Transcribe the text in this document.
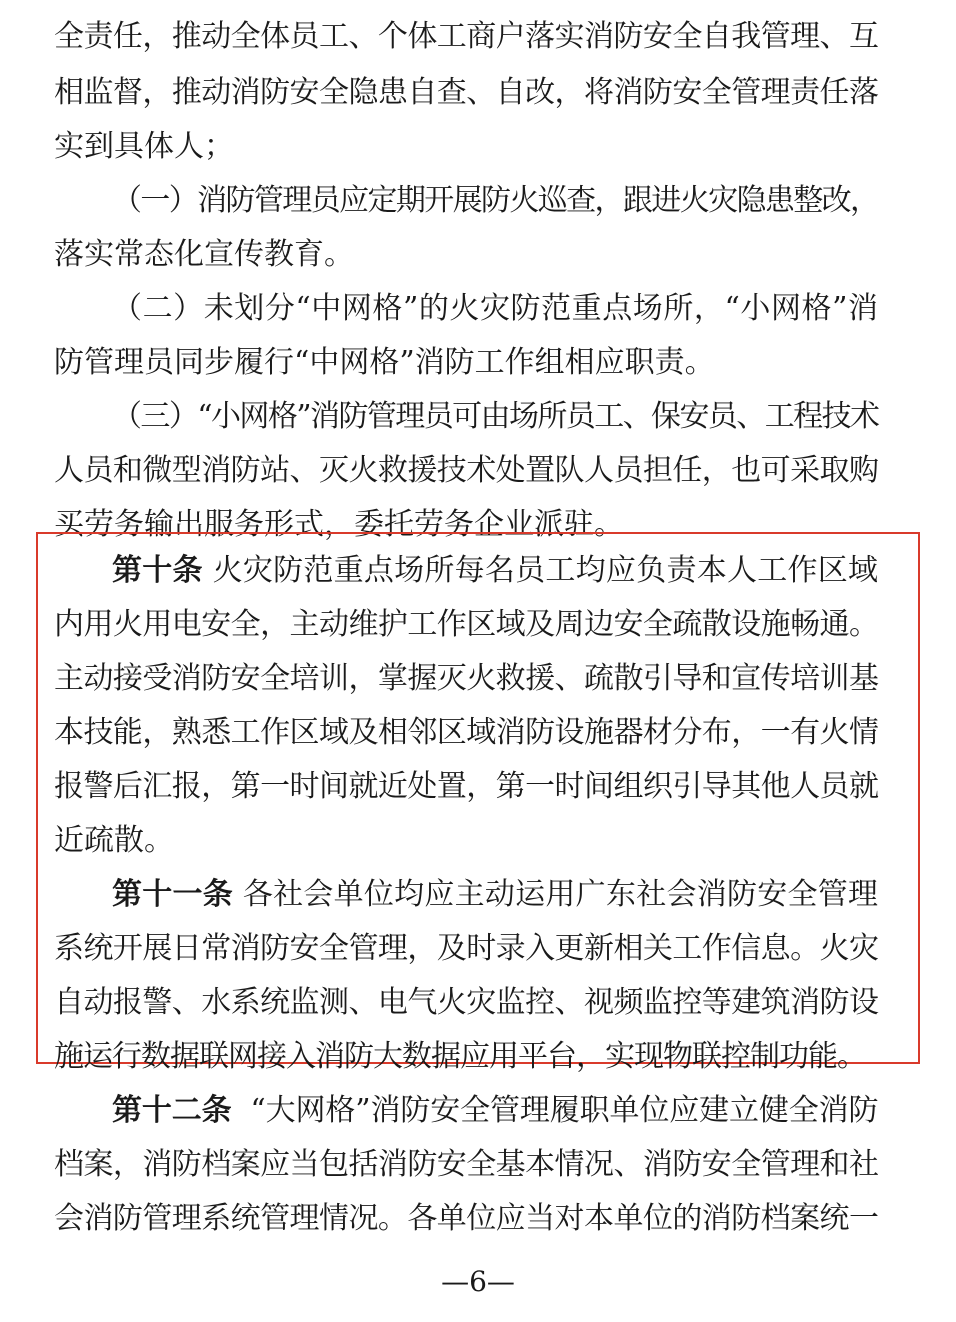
全责任，推动全体员工、个体工商户落实消防安全自我管理、互
相监督，推动消防安全隐患自查、自改，将消防安全管理责任落
实到具体人；
（一）消防管理员应定期开展防火巡查，跟进火灾隐患整改，
落实常态化宣传教育。
（二）未划分“中网格”的火灾防范重点场所，“小网格”消
防管理员同步履行“中网格”消防工作组相应职责。
（三）“小网格”消防管理员可由场所员工、保安员、工程技术
人员和微型消防站、灭火救援技术处置队人员担任，也可采取购
买劳务输出服务形式，委托劳务企业派驻。
第十条 火灾防范重点场所每名员工均应负责本人工作区域
内用火用电安全，主动维护工作区域及周边安全疏散设施畅通。
主动接受消防安全培训，掌握灭火救援、疏散引导和宣传培训基
本技能，熟悉工作区域及相邻区域消防设施器材分布，一有火情
报警后汇报，第一时间就近处置，第一时间组织引导其他人员就
近疏散。
第十一条 各社会单位均应主动运用广东社会消防安全管理
系统开展日常消防安全管理，及时录入更新相关工作信息。火灾
自动报警、水系统监测、电气火灾监控、视频监控等建筑消防设
施运行数据联网接入消防大数据应用平台，实现物联控制功能。
第十二条 “大网格”消防安全管理履职单位应建立健全消防
档案，消防档案应当包括消防安全基本情况、消防安全管理和社
会消防管理系统管理情况。各单位应当对本单位的消防档案统一
—6—
